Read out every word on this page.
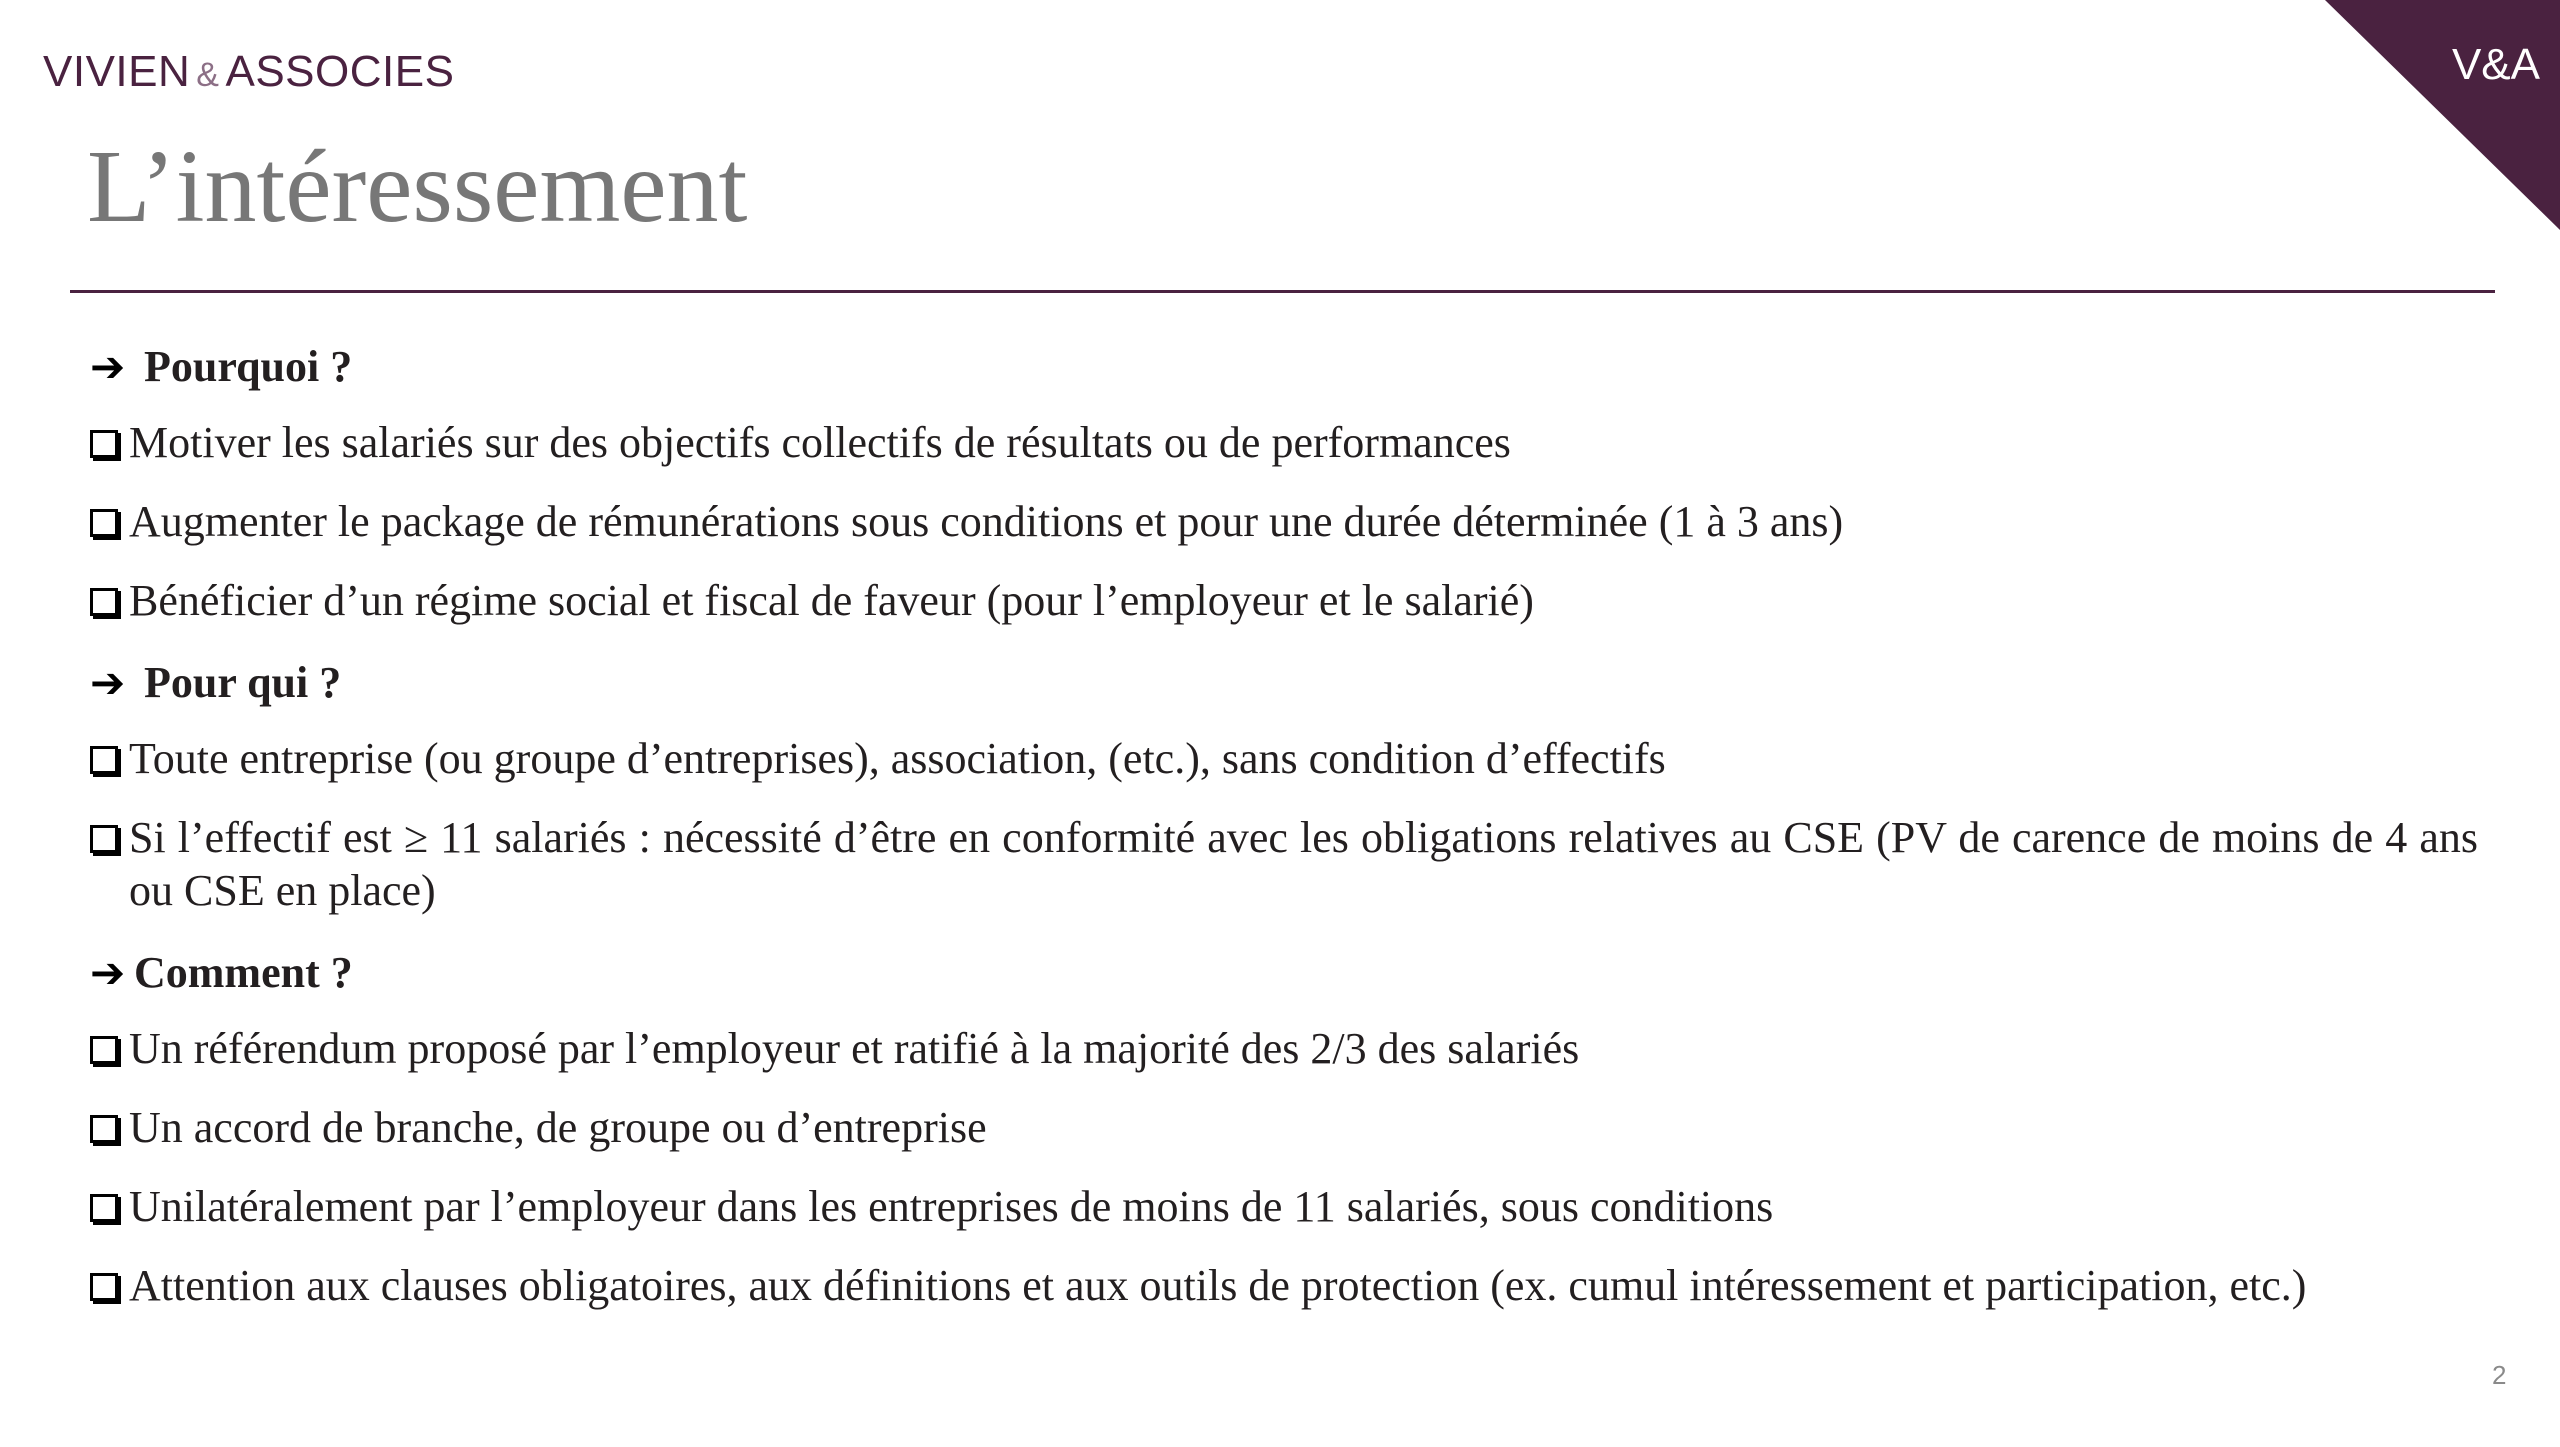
VIVIEN & ASSOCIES	V&A
L’intéressement
➔ Pourquoi ?
Motiver les salariés sur des objectifs collectifs de résultats ou de performances
Augmenter le package de rémunérations sous conditions et pour une durée déterminée (1 à 3 ans)
Bénéficier d’un régime social et fiscal de faveur (pour l’employeur et le salarié)
➔ Pour qui ?
Toute entreprise (ou groupe d’entreprises), association, (etc.), sans condition d’effectifs
Si l’effectif est ≥ 11 salariés : nécessité d’être en conformité avec les obligations relatives au CSE (PV de carence de moins de 4 ans ou CSE en place)
➔ Comment ?
Un référendum proposé par l’employeur et ratifié à la majorité des 2/3 des salariés
Un accord de branche, de groupe ou d’entreprise
Unilatéralement par l’employeur dans les entreprises de moins de 11 salariés, sous conditions
Attention aux clauses obligatoires, aux définitions et aux outils de protection (ex. cumul intéressement et participation, etc.)
2
